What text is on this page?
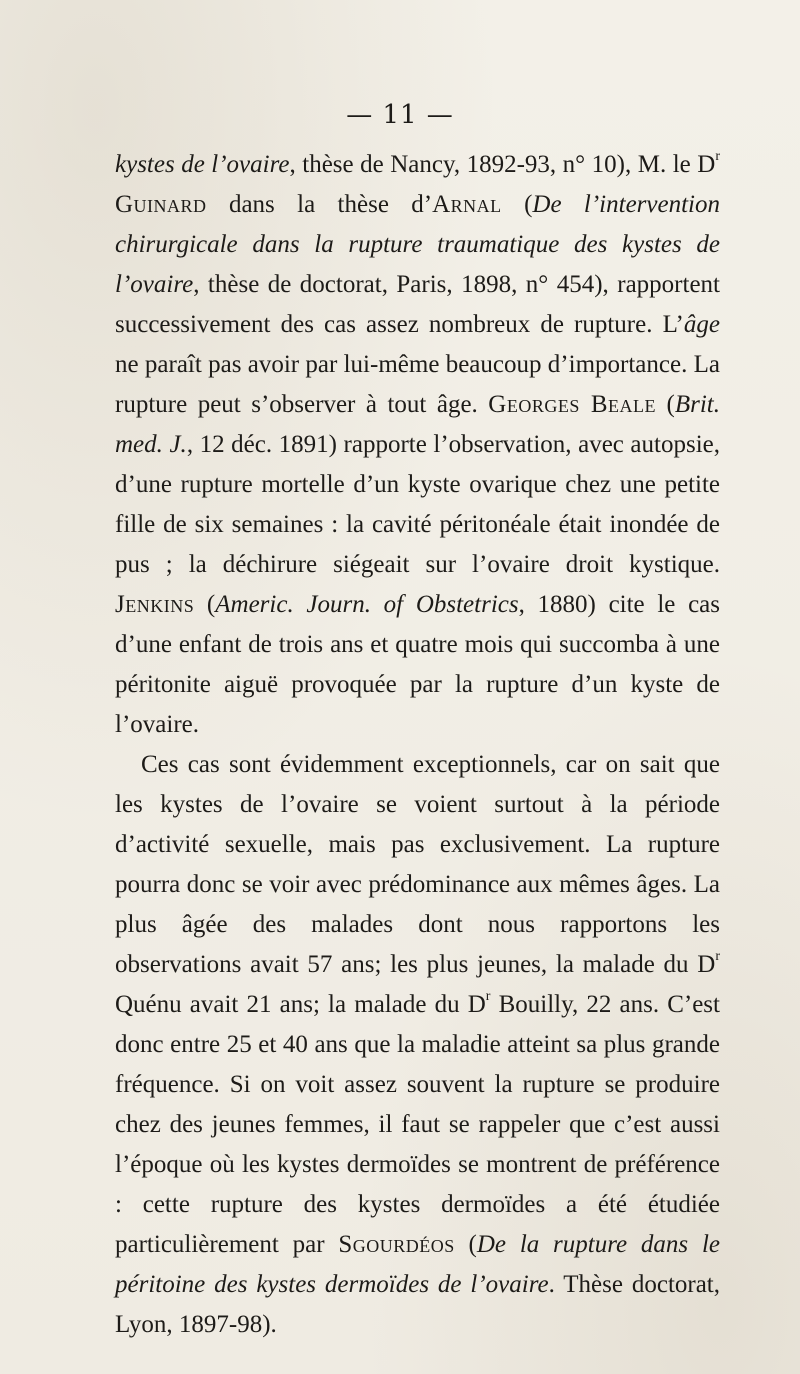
— 11 —

kystes de l’ovaire, thèse de Nancy, 1892-93, n° 10), M. le $D^r$ Guinard dans la thèse d’Arnal (De l’intervention chirurgicale dans la rupture traumatique des kystes de l’ovaire, thèse de doctorat, Paris, 1898, n° 454), rapportent successivement des cas assez nombreux de rupture. L’âge ne paraît pas avoir par lui-même beaucoup d’importance. La rupture peut s’observer à tout âge. Georges Beale (Brit. med. J., 12 déc. 1891) rapporte l’observation, avec autopsie, d’une rupture mortelle d’un kyste ovarique chez une petite fille de six semaines : la cavité péritonéale était inondée de pus ; la déchirure siégeait sur l’ovaire droit kystique. Jenkins (Americ. Journ. of Obstetrics, 1880) cite le cas d’une enfant de trois ans et quatre mois qui succomba à une péritonite aiguë provoquée par la rupture d’un kyste de l’ovaire.

Ces cas sont évidemment exceptionnels, car on sait que les kystes de l’ovaire se voient surtout à la période d’activité sexuelle, mais pas exclusivement. La rupture pourra donc se voir avec prédominance aux mêmes âges. La plus âgée des malades dont nous rapportons les observations avait 57 ans; les plus jeunes, la malade du $D^r$ Quénu avait 21 ans; la malade du $D^r$ Bouilly, 22 ans. C’est donc entre 25 et 40 ans que la maladie atteint sa plus grande fréquence. Si on voit assez souvent la rupture se produire chez des jeunes femmes, il faut se rappeler que c’est aussi l’époque où les kystes dermoïdes se montrent de préférence : cette rupture des kystes dermoïdes a été étudiée particulièrement par Sgourdéos (De la rupture dans le péritoine des kystes dermoïdes de l’ovaire. Thèse doctorat, Lyon, 1897-98).
